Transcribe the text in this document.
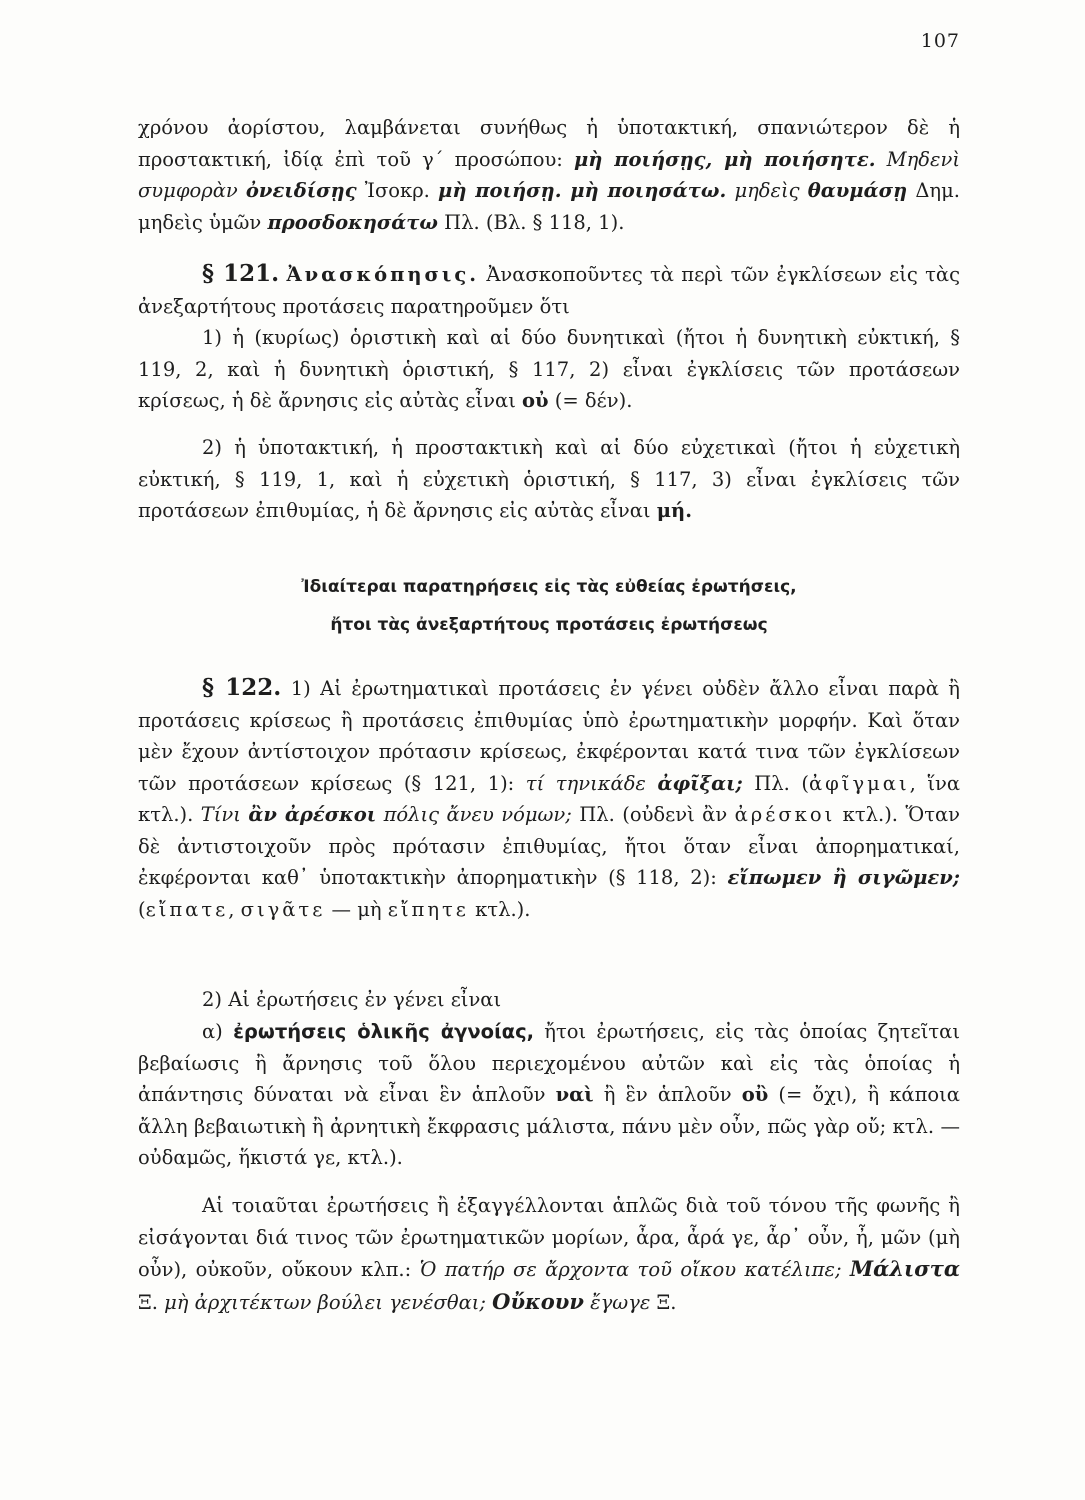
107
χρόνου ἀορίστου, λαμβάνεται συνήθως ἡ ὑποτακτική, σπανιώτερον δὲ ἡ προστακτική, ἰδίᾳ ἐπὶ τοῦ γ΄ προσώπου: μὴ ποιήσῃς, μὴ ποιήσητε. Μηδενὶ συμφορὰν ὀνειδίσῃς Ἰσοκρ. μὴ ποιήσῃ. μὴ ποιησάτω. μηδεὶς θαυμάσῃ Δημ. μηδεὶς ὑμῶν προσδοκησάτω Πλ. (Βλ. § 118, 1).
§ 121. Ἀνασκόπησις. Ἀνασκοποῦντες τὰ περὶ τῶν ἐγκλίσεων εἰς τὰς ἀνεξαρτήτους προτάσεις παρατηροῦμεν ὅτι
1) ἡ (κυρίως) ὁριστικὴ καὶ αἱ δύο δυνητικαὶ (ἤτοι ἡ δυνητικὴ εὐκτική, § 119, 2, καὶ ἡ δυνητικὴ ὁριστική, § 117, 2) εἶναι ἐγκλίσεις τῶν προτάσεων κρίσεως, ἡ δὲ ἄρνησις εἰς αὐτὰς εἶναι οὐ (= δέν).
2) ἡ ὑποτακτική, ἡ προστακτικὴ καὶ αἱ δύο εὐχετικαὶ (ἤτοι ἡ εὐχετικὴ εὐκτική, § 119, 1, καὶ ἡ εὐχετικὴ ὁριστική, § 117, 3) εἶναι ἐγκλίσεις τῶν προτάσεων ἐπιθυμίας, ἡ δὲ ἄρνησις εἰς αὐτὰς εἶναι μή.
Ἰδιαίτεραι παρατηρήσεις εἰς τὰς εὐθείας ἐρωτήσεις,
ἤτοι τὰς ἀνεξαρτήτους προτάσεις ἐρωτήσεως
§ 122. 1) Αἱ ἐρωτηματικαὶ προτάσεις ἐν γένει οὐδὲν ἄλλο εἶναι παρὰ ἢ προτάσεις κρίσεως ἢ προτάσεις ἐπιθυμίας ὑπὸ ἐρωτηματικὴν μορφήν. Καὶ ὅταν μὲν ἔχουν ἀντίστοιχον πρότασιν κρίσεως, ἐκφέρονται κατά τινα τῶν ἐγκλίσεων τῶν προτάσεων κρίσεως (§ 121, 1): τί τηνικάδε ἀφῖξαι; Πλ. (ἀφῖγμαι, ἵνα κτλ.). Τίνι ἂν ἀρέσκοι πόλις ἄνευ νόμων; Πλ. (οὐδενὶ ἂν ἀρέσκοι κτλ.). Ὅταν δὲ ἀντιστοιχοῦν πρὸς πρότασιν ἐπιθυμίας, ἤτοι ὅταν εἶναι ἀπορηματικαί, ἐκφέρονται καθ᾽ ὑποτακτικὴν ἀπορηματικὴν (§ 118, 2): εἴπωμεν ἢ σιγῶμεν; (εἴπατε, σιγᾶτε — μὴ εἴπητε κτλ.).
2) Αἱ ἐρωτήσεις ἐν γένει εἶναι
α) ἐρωτήσεις ὁλικῆς ἀγνοίας, ἤτοι ἐρωτήσεις, εἰς τὰς ὁποίας ζητεῖται βεβαίωσις ἢ ἄρνησις τοῦ ὅλου περιεχομένου αὐτῶν καὶ εἰς τὰς ὁποίας ἡ ἀπάντησις δύναται νὰ εἶναι ἓν ἁπλοῦν ναὶ ἢ ἓν ἁπλοῦν οὒ (= ὄχι), ἢ κάποια ἄλλη βεβαιωτικὴ ἢ ἀρνητικὴ ἔκφρασις μάλιστα, πάνυ μὲν οὖν, πῶς γὰρ οὔ; κτλ. — οὐδαμῶς, ἥκιστά γε, κτλ.).
Αἱ τοιαῦται ἐρωτήσεις ἢ ἐξαγγέλλονται ἁπλῶς διὰ τοῦ τόνου τῆς φωνῆς ἢ εἰσάγονται διά τινος τῶν ἐρωτηματικῶν μορίων, ἆρα, ἆρά γε, ἆρ᾽ οὖν, ἦ, μῶν (μὴ οὖν), οὐκοῦν, οὔκουν κλπ.: Ὁ πατήρ σε ἄρχοντα τοῦ οἴκου κατέλιπε; Μάλιστα Ξ. μὴ ἀρχιτέκτων βούλει γενέσθαι; Οὔκουν ἔγωγε Ξ.
